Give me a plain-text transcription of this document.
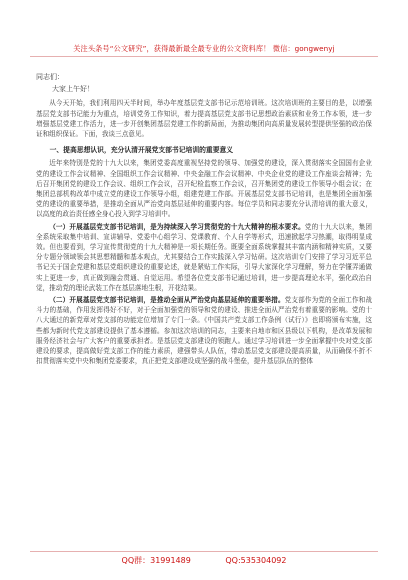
关注头条号“公文研究”，获得最新最全最专业的公文资料库！ 微信：gongwenyj
同志们：
大家上午好！

从今天开始，我们利用四天半时间，举办年度基层党支部书记示范培训班。这次培训班的主要目的是，以增强基层党支部书记能力为重点，培训党务工作知识，着力提高基层党支部书记思想政治素质和业务工作本领，进一步增强基层党建工作活力，进一步开创集团基层党建工作的新局面，为推动集团向高质量发展转型提供坚强的政治保证和组织保证。下面，我谈三点意见。

一、提高思想认识，充分认清开展党支部书记培训的重要意义

近年来特别是党的十九大以来，集团党委高度重视坚持党的领导、加强党的建设，深入贯彻落实全国国有企业党的建设工作会议精神、全国组织工作会议精神、中央金融工作会议精神、中央企业党的建设工作座谈会精神；先后召开集团党的建设工作会议、组织工作会议，召开纪检监察工作会议，召开集团党的建设工作领导小组会议；在集团总部机构改革中成立党的建设工作领导小组，组建党建工作部。开展基层党支部书记培训，也是集团全面加强党的建设的重要举措，是推动全面从严治党向基层延伸的重要内容。每位学员和同志要充分认清培训的重大意义，以高度的政治责任感全身心投入到学习培训中。

（一）开展基层党支部书记培训，是为持续深入学习贯彻党的十九大精神的根本要求。党的十九大以来，集团全系统采取集中培训、宣讲辅导、党委中心组学习、党课教育、个人自学等形式，迅速掀起学习热潮，取得明显成效。但也要看到，学习宣传贯彻党的十九大精神是一项长期任务。既要全面系统掌握其丰富内涵和精神实质，又要分专题分领域领会其思想精髓和基本观点，尤其要结合工作实践深入学习钻研。这次培训专门安排了学习习近平总书记关于国企党建和基层党组织建设的重要论述，就是紧贴工作实际，引导大家深化学习理解，努力在学懂弄通做实上更进一步，真正做到融会贯通、自觉运用。希望各位党支部书记通过培训，进一步提高理论水平，强化政治自觉，推动党的理论武装工作在基层落地生根，开花结果。

（二）开展基层党支部书记培训，是推动全面从严治党向基层延伸的重要举措。党支部作为党的全面工作和战斗力的基础，作用发挥得好不好，对于全面加强党的领导和党的建设、推进全面从严治党有着重要的影响。党的十八大通过的新党章对党支部的功能定位增加了专门一条。《中国共产党支部工作条例（试行）》也即将颁布实施，这些都为新时代党支部建设提供了基本遵循。参加这次培训的同志，主要来自地市和区县级以下机构，是改革发展和服务经济社会与广大客户的重要承担者。是基层党支部建设的领跑人。通过学习培训进一步全面掌握中央对党支部建设的要求，提高做好党支部工作的能力素质，建强带头人队伍，带动基层党支部建设提高质量，从而确保不折不扣贯彻落实党中央和集团党委要求，真正把党支部建设成坚强的战斗堡垒，提升基层队伍的整体

QQ群：31991489	QQ:535304092
